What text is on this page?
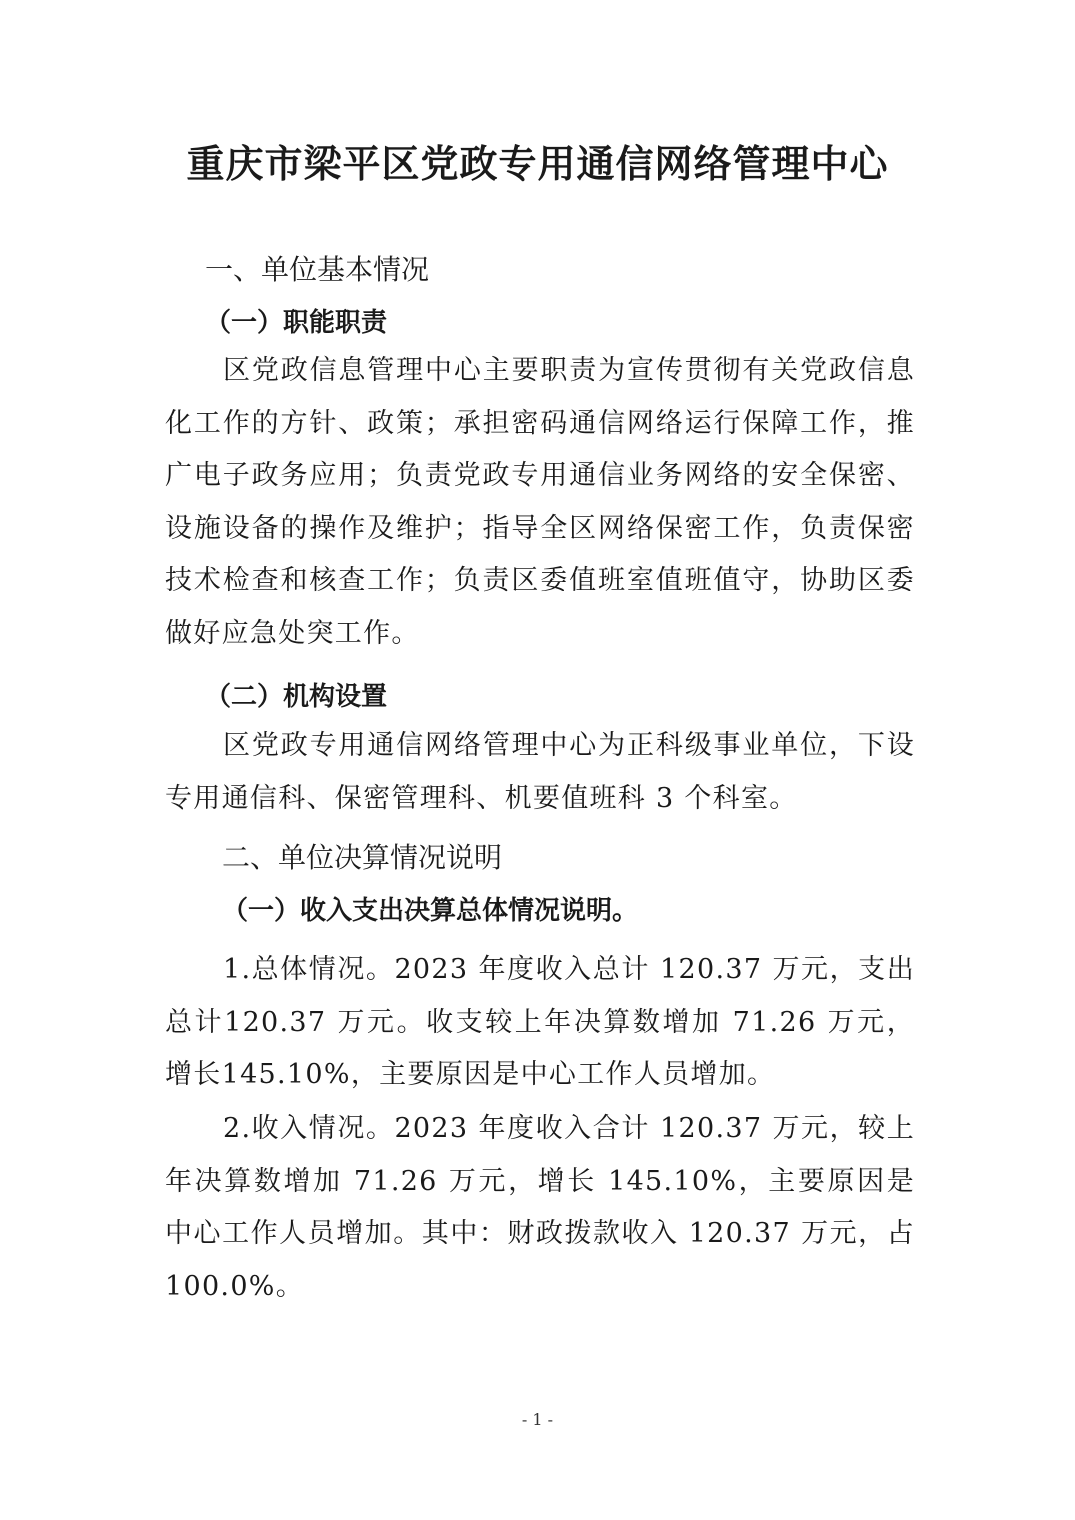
重庆市梁平区党政专用通信网络管理中心
一、单位基本情况
（一）职能职责
区党政信息管理中心主要职责为宣传贯彻有关党政信息化工作的方针、政策；承担密码通信网络运行保障工作，推广电子政务应用；负责党政专用通信业务网络的安全保密、设施设备的操作及维护；指导全区网络保密工作，负责保密技术检查和核查工作；负责区委值班室值班值守，协助区委做好应急处突工作。
（二）机构设置
区党政专用通信网络管理中心为正科级事业单位，下设专用通信科、保密管理科、机要值班科 3 个科室。
二、单位决算情况说明
（一）收入支出决算总体情况说明。
1.总体情况。2023 年度收入总计 120.37 万元，支出总计120.37 万元。收支较上年决算数增加 71.26 万元，增长145.10%，主要原因是中心工作人员增加。
2.收入情况。2023 年度收入合计 120.37 万元，较上年决算数增加 71.26 万元，增长 145.10%，主要原因是中心工作人员增加。其中：财政拨款收入 120.37 万元，占 100.0%。
- 1 -
